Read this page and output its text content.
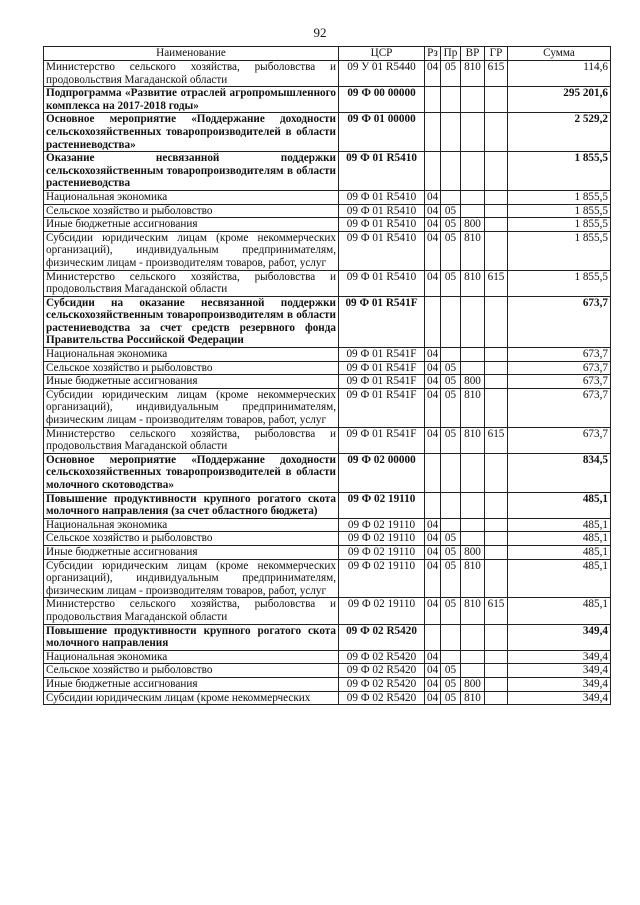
92
Наименование	ЦСР	Рз	Пр	ВР	ГР	Сумма
Министерство сельского хозяйства, рыболовства и продовольствия Магаданской области	09 У 01 R5440	04	05	810	615	114,6
Подпрограмма «Развитие отраслей агропромышленного комплекса на 2017-2018 годы»	09 Ф 00 00000					295 201,6
Основное мероприятие «Поддержание доходности сельскохозяйственных товаропроизводителей в области растениеводства»	09 Ф 01 00000					2 529,2
Оказание несвязанной поддержки сельскохозяйственным товаропроизводителям в области растениеводства	09 Ф 01 R5410					1 855,5
Национальная экономика	09 Ф 01 R5410	04				1 855,5
Сельское хозяйство и рыболовство	09 Ф 01 R5410	04	05			1 855,5
Иные бюджетные ассигнования	09 Ф 01 R5410	04	05	800		1 855,5
Субсидии юридическим лицам (кроме некоммерческих организаций), индивидуальным предпринимателям, физическим лицам - производителям товаров, работ, услуг	09 Ф 01 R5410	04	05	810		1 855,5
Министерство сельского хозяйства, рыболовства и продовольствия Магаданской области	09 Ф 01 R5410	04	05	810	615	1 855,5
Субсидии на оказание несвязанной поддержки сельскохозяйственным товаропроизводителям в области растениеводства за счет средств резервного фонда Правительства Российской Федерации	09 Ф 01 R541F					673,7
Национальная экономика	09 Ф 01 R541F	04				673,7
Сельское хозяйство и рыболовство	09 Ф 01 R541F	04	05			673,7
Иные бюджетные ассигнования	09 Ф 01 R541F	04	05	800		673,7
Субсидии юридическим лицам (кроме некоммерческих организаций), индивидуальным предпринимателям, физическим лицам - производителям товаров, работ, услуг	09 Ф 01 R541F	04	05	810		673,7
Министерство сельского хозяйства, рыболовства и продовольствия Магаданской области	09 Ф 01 R541F	04	05	810	615	673,7
Основное мероприятие «Поддержание доходности сельскохозяйственных товаропроизводителей в области молочного скотоводства»	09 Ф 02 00000					834,5
Повышение продуктивности крупного рогатого скота молочного направления (за счет областного бюджета)	09 Ф 02 19110					485,1
Национальная экономика	09 Ф 02 19110	04				485,1
Сельское хозяйство и рыболовство	09 Ф 02 19110	04	05			485,1
Иные бюджетные ассигнования	09 Ф 02 19110	04	05	800		485,1
Субсидии юридическим лицам (кроме некоммерческих организаций), индивидуальным предпринимателям, физическим лицам - производителям товаров, работ, услуг	09 Ф 02 19110	04	05	810		485,1
Министерство сельского хозяйства, рыболовства и продовольствия Магаданской области	09 Ф 02 19110	04	05	810	615	485,1
Повышение продуктивности крупного рогатого скота молочного направления	09 Ф 02 R5420					349,4
Национальная экономика	09 Ф 02 R5420	04				349,4
Сельское хозяйство и рыболовство	09 Ф 02 R5420	04	05			349,4
Иные бюджетные ассигнования	09 Ф 02 R5420	04	05	800		349,4
Субсидии юридическим лицам (кроме некоммерческих	09 Ф 02 R5420	04	05	810		349,4
